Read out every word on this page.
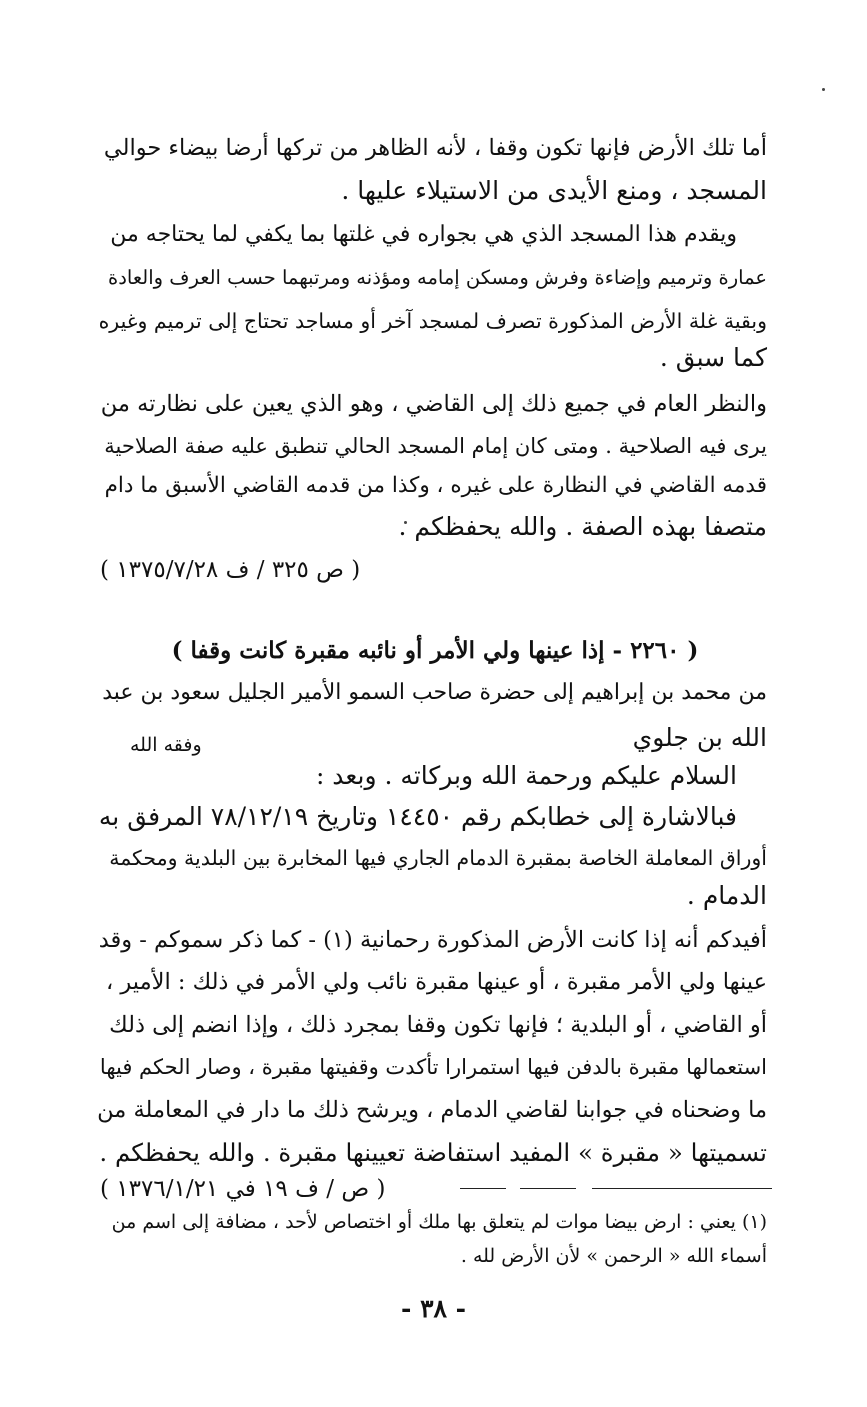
أما تلك الأرض فإنها تكون وقفا ، لأنه الظاهر من تركها أرضا بيضاء حوالي
المسجد ، ومنع الأيدى من الاستيلاء عليها .
ويقدم هذا المسجد الذي هي بجواره في غلتها بما يكفي لما يحتاجه من
عمارة وترميم وإضاءة وفرش ومسكن إمامه ومؤذنه ومرتبهما حسب العرف والعادة
وبقية غلة الأرض المذكورة تصرف لمسجد آخر أو مساجد تحتاج إلى ترميم وغيره
كما سبق .
والنظر العام في جميع ذلك إلى القاضي ، وهو الذي يعين على نظارته من
يرى فيه الصلاحية . ومتى كان إمام المسجد الحالي تنطبق عليه صفة الصلاحية
قدمه القاضي في النظارة على غيره ، وكذا من قدمه القاضي الأسبق ما دام
متصفا بهذه الصفة . والله يحفظكم .
( ص ٣٢٥ / ف ١٣٧٥/٧/٢٨ )
( ٢٢٦٠ - إذا عينها ولي الأمر أو نائبه مقبرة كانت وقفا )
من محمد بن إبراهيم إلى حضرة صاحب السمو الأمير الجليل سعود بن عبد
الله بن جلوي
وفقه الله
السلام عليكم ورحمة الله وبركاته . وبعد :
فبالاشارة إلى خطابكم رقم ١٤٤٥٠ وتاريخ ٧٨/١٢/١٩ المرفق به
أوراق المعاملة الخاصة بمقبرة الدمام الجاري فيها المخابرة بين البلدية ومحكمة
الدمام .
أفيدكم أنه إذا كانت الأرض المذكورة رحمانية (١) - كما ذكر سموكم - وقد
عينها ولي الأمر مقبرة ، أو عينها مقبرة نائب ولي الأمر في ذلك : الأمير ،
أو القاضي ، أو البلدية ؛ فإنها تكون وقفا بمجرد ذلك ، وإذا انضم إلى ذلك
استعمالها مقبرة بالدفن فيها استمرارا تأكدت وقفيتها مقبرة ، وصار الحكم فيها
ما وضحناه في جوابنا لقاضي الدمام ، ويرشح ذلك ما دار في المعاملة من
تسميتها « مقبرة » المفيد استفاضة تعيينها مقبرة . والله يحفظكم .
( ص / ف ١٩ في ١٣٧٦/١/٢١ )
(١) يعني : ارض بيضا موات لم يتعلق بها ملك أو اختصاص لأحد ، مضافة إلى اسم من
أسماء الله « الرحمن » لأن الأرض لله .
- ٣٨ -
